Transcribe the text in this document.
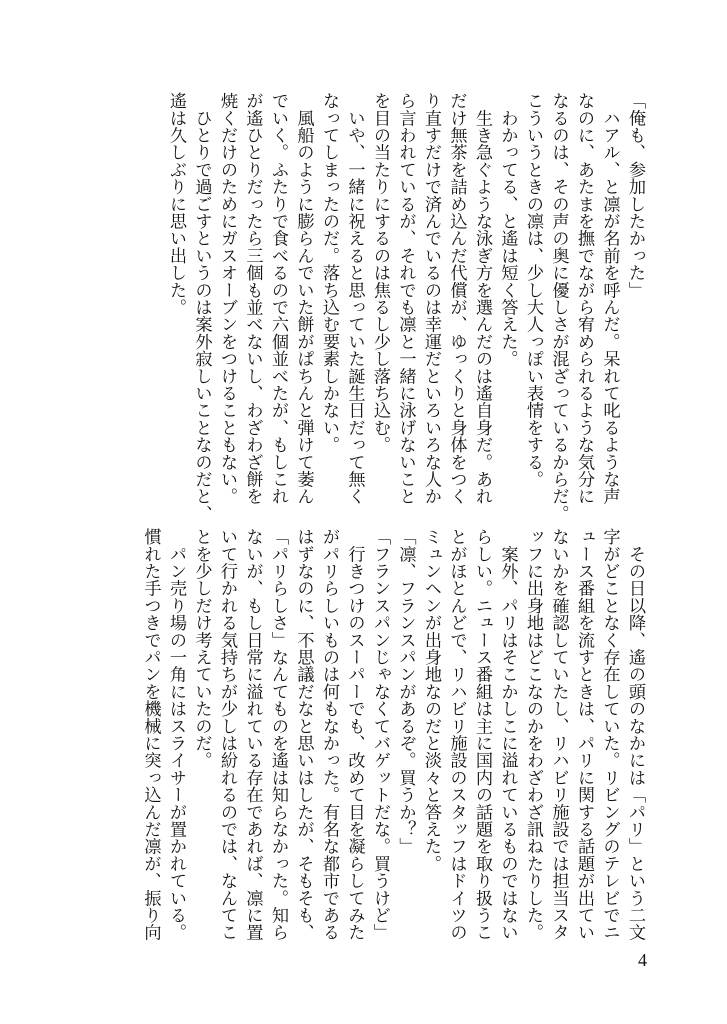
「俺も、参加したかった」
　ハアル、と凛が名前を呼んだ。呆れて叱るような声
なのに、あたまを撫でながら宥められるような気分に
なるのは、その声の奥に優しさが混ざっているからだ。
こういうときの凛は、少し大人っぽい表情をする。
　わかってる、と遙は短く答えた。
　生き急ぐような泳ぎ方を選んだのは遙自身だ。あれ
だけ無茶を詰め込んだ代償が、ゆっくりと身体をつく
り直すだけで済んでいるのは幸運だといろいろな人か
ら言われているが、それでも凛と一緒に泳げないこと
を目の当たりにするのは焦るし少し落ち込む。
　いや、一緒に祝えると思っていた誕生日だって無く
なってしまったのだ。落ち込む要素しかない。
　風船のように膨らんでいた餅がぱちんと弾けて萎ん
でいく。ふたりで食べるので六個並べたが、もしこれ
が遙ひとりだったら三個も並べないし、わざわざ餅を
焼くだけのためにガスオーブンをつけることもない。
　ひとりで過ごすというのは案外寂しいことなのだと、
遙は久しぶりに思い出した。
　その日以降、遙の頭のなかには「パリ」という二文
字がどことなく存在していた。リビングのテレビでニ
ュース番組を流すときは、パリに関する話題が出てい
ないかを確認していたし、リハビリ施設では担当スタ
ッフに出身地はどこなのかをわざわざ訊ねたりした。
　案外、パリはそこかしこに溢れているものではない
らしい。ニュース番組は主に国内の話題を取り扱うこ
とがほとんどで、リハビリ施設のスタッフはドイツの
ミュンヘンが出身地なのだと淡々と答えた。
「凛、フランスパンがあるぞ。買うか？」
「フランスパンじゃなくてバゲットだな。買うけど」
　行きつけのスーパーでも、改めて目を凝らしてみた
がパリらしいものは何もなかった。有名な都市である
はずなのに、不思議だなと思いはしたが、そもそも、
「パリらしさ」なんてものを遙は知らなかった。知ら
ないが、もし日常に溢れている存在であれば、凛に置
いて行かれる気持ちが少しは紛れるのでは、なんてこ
とを少しだけ考えていたのだ。
　パン売り場の一角にはスライサーが置かれている。
慣れた手つきでパンを機械に突っ込んだ凛が、振り向
4
